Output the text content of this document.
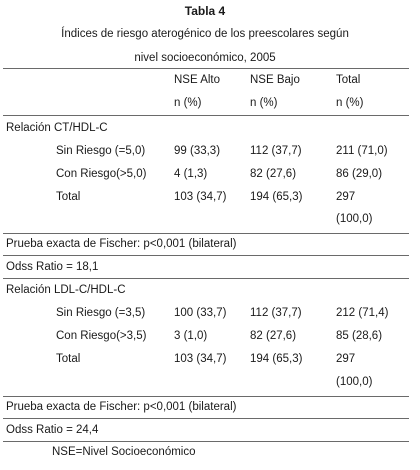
Tabla 4
Índices de riesgo aterogénico de los preescolares según
nivel socioeconómico, 2005
NSE Alto	NSE Bajo	Total
n (%)	n (%)	n (%)
Relación CT/HDL-C
Sin Riesgo (=5,0)	99 (33,3)	112 (37,7)	211 (71,0)
Con Riesgo(>5,0) 4 (1,3)	82 (27,6)	86 (29,0)
Total	103 (34,7) 194 (65,3)	297
(100,0)
Prueba exacta de Fischer: p<0,001 (bilateral)
Odss Ratio = 18,1
Relación LDL-C/HDL-C
Sin Riesgo (=3,5)	100 (33,7) 112 (37,7)	212 (71,4)
Con Riesgo(>3,5) 3 (1,0)	82 (27,6)	85 (28,6)
Total	103 (34,7) 194 (65,3)	297
(100,0)
Prueba exacta de Fischer: p<0,001 (bilateral)
Odss Ratio = 24,4
NSE=Nivel Socioeconómico
